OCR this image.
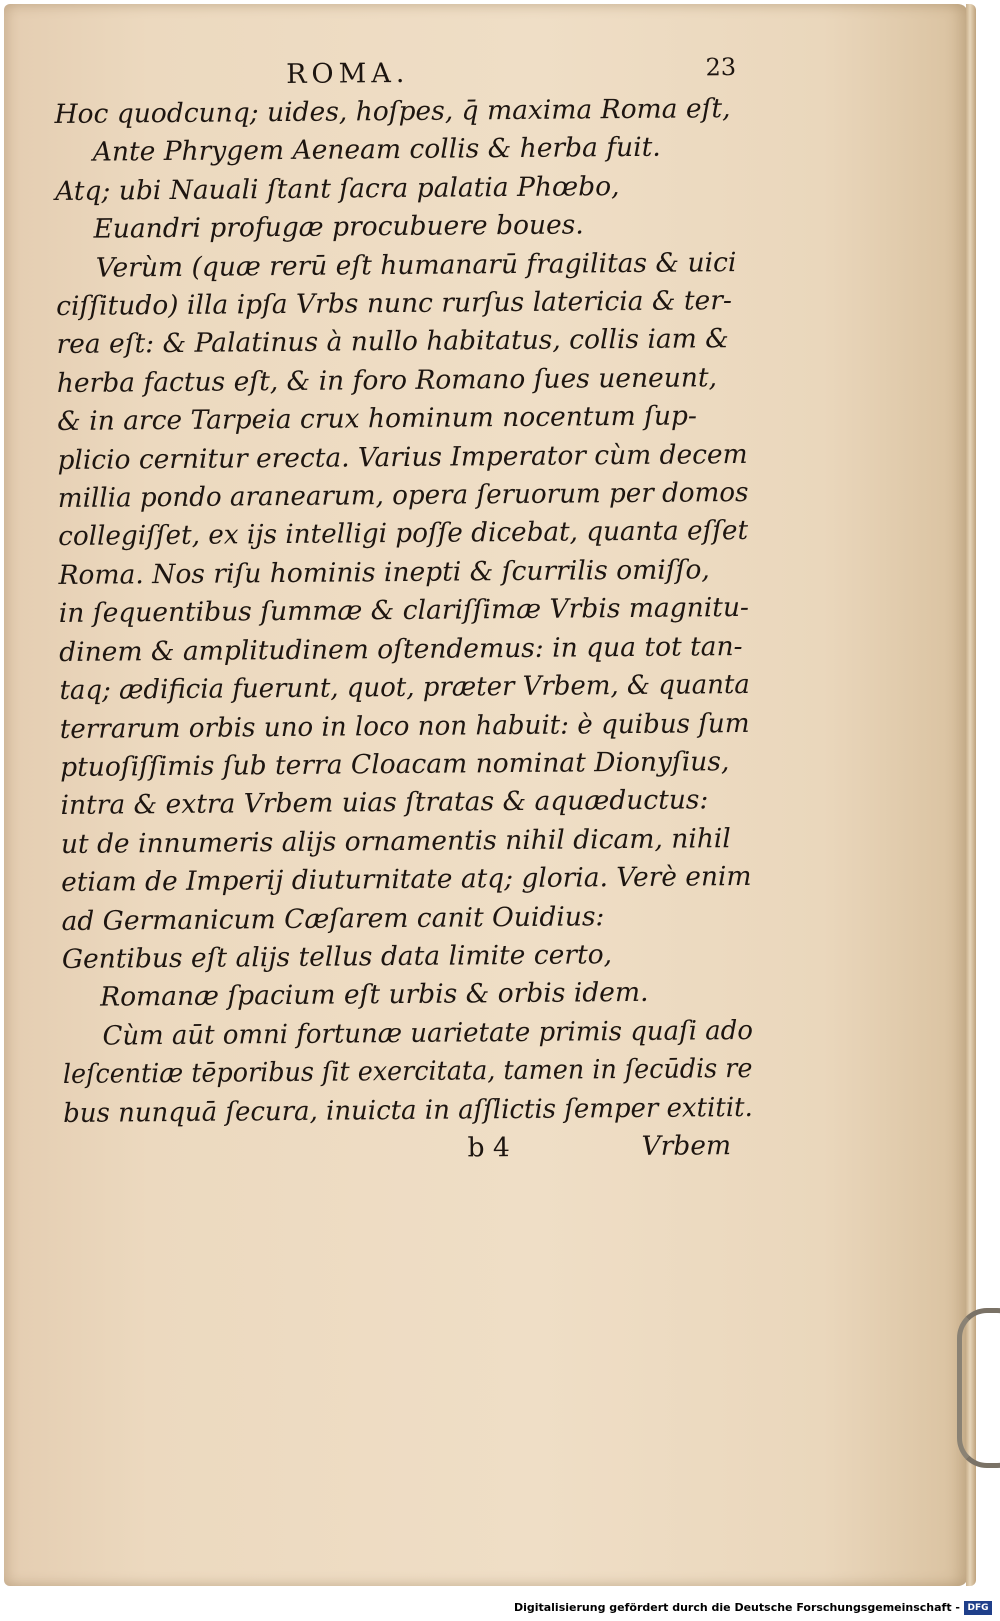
ROMA.	23
Hoc quodcunq; uides, hoſpes, q̄ maxima Roma eſt,
Ante Phrygem Aeneam collis & herba fuit.
Atq; ubi Nauali ſtant ſacra palatia Phœbo,
Euandri profugæ procubuere boues.
Verùm (quæ rerū eſt humanarū fragilitas & uici
ciſſitudo) illa ipſa Vrbs nunc rurſus latericia & ter-
rea eſt: & Palatinus à nullo habitatus, collis iam &
herba factus eſt, & in foro Romano ſues ueneunt,
& in arce Tarpeia crux hominum nocentum ſup-
plicio cernitur erecta. Varius Imperator cùm decem
millia pondo aranearum, opera ſeruorum per domos
collegiſſet, ex ijs intelligi poſſe dicebat, quanta eſſet
Roma. Nos riſu hominis inepti & ſcurrilis omiſſo,
in ſequentibus ſummæ & clariſſimæ Vrbis magnitu-
dinem & amplitudinem oſtendemus: in qua tot tan-
taq; ædificia fuerunt, quot, præter Vrbem, & quanta
terrarum orbis uno in loco non habuit: è quibus ſum
ptuoſiſſimis ſub terra Cloacam nominat Dionyſius,
intra & extra Vrbem uias ſtratas & aquæductus:
ut de innumeris alijs ornamentis nihil dicam, nihil
etiam de Imperij diuturnitate atq; gloria. Verè enim
ad Germanicum Cæſarem canit Ouidius:
Gentibus eſt alijs tellus data limite certo,
Romanæ ſpacium eſt urbis & orbis idem.
Cùm aūt omni fortunæ uarietate primis quaſi ado
leſcentiæ tēporibus ſit exercitata, tamen in ſecūdis re
bus nunquā ſecura, inuicta in aſſlictis ſemper extitit.
b 4	Vrbem
Digitalisierung gefördert durch die Deutsche Forschungsgemeinschaft - DFG
